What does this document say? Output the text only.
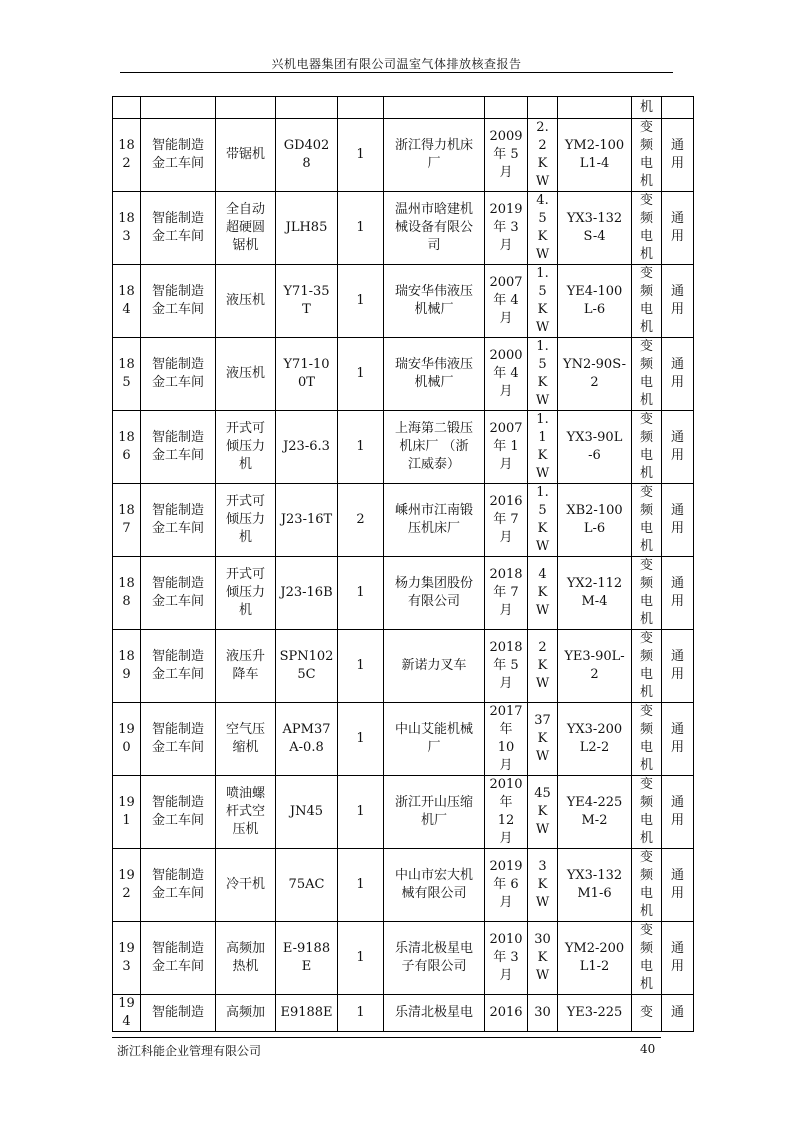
兴机电器集团有限公司温室气体排放核查报告
									机	

182	智能制造
金工车间	带锯机	GD402
8	1	浙江得力机床
厂	2009
年 5
月	2.
2
K
W	YM2-100
L1-4	变
频
电
机	通
用

183	智能制造
金工车间	全自动
超硬圆
锯机	JLH85	1	温州市晗建机
械设备有限公
司	2019
年 3
月	4.
5
K
W	YX3-132
S-4	变
频
电
机	通
用

184	智能制造
金工车间	液压机	Y71-35
T	1	瑞安华伟液压
机械厂	2007
年 4
月	1.
5
K
W	YE4-100
L-6	变
频
电
机	通
用

185	智能制造
金工车间	液压机	Y71-10
0T	1	瑞安华伟液压
机械厂	2000
年 4
月	1.
5
K
W	YN2-90S-
2	变
频
电
机	通
用

186	智能制造
金工车间	开式可
倾压力
机	J23-6.3	1	上海第二锻压
机床厂 （浙
江威泰）	2007
年 1
月	1.
1
K
W	YX3-90L
-6	变
频
电
机	通
用

187	智能制造
金工车间	开式可
倾压力
机	J23-16T	2	嵊州市江南锻
压机床厂	2016
年 7
月	1.
5
K
W	XB2-100
L-6	变
频
电
机	通
用

188	智能制造
金工车间	开式可
倾压力
机	J23-16B	1	杨力集团股份
有限公司	2018
年 7
月	4
K
W	YX2-112
M-4	变
频
电
机	通
用

189	智能制造
金工车间	液压升
降车	SPN102
5C	1	新诺力叉车	2018
年 5
月	2
K
W	YE3-90L-
2	变
频
电
机	通
用

190	智能制造
金工车间	空气压
缩机	APM37
A-0.8	1	中山艾能机械
厂	2017
年
10
月	37
K
W	YX3-200
L2-2	变
频
电
机	通
用

191	智能制造
金工车间	喷油螺
杆式空
压机	JN45	1	浙江开山压缩
机厂	2010
年
12
月	45
K
W	YE4-225
M-2	变
频
电
机	通
用

192	智能制造
金工车间	冷干机	75AC	1	中山市宏大机
械有限公司	2019
年 6
月	3
K
W	YX3-132
M1-6	变
频
电
机	通
用

193	智能制造
金工车间	高频加
热机	E-9188
E	1	乐清北极星电
子有限公司	2010
年 3
月	30
K
W	YM2-200
L1-2	变
频
电
机	通
用

194	智能制造	高频加	E9188E	1	乐清北极星电	2016	30	YE3-225	变	通
浙江科能企业管理有限公司	40
